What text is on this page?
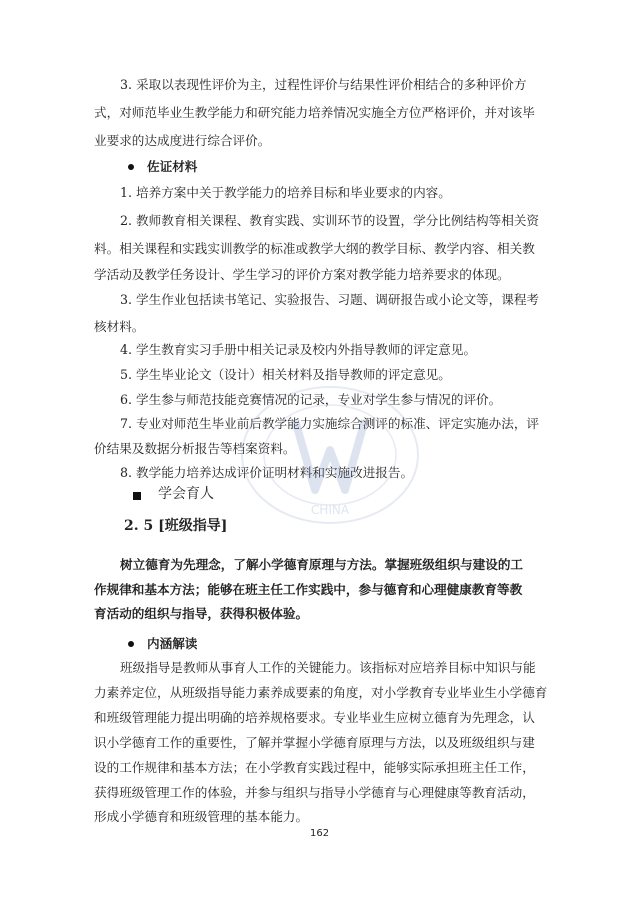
3. 采取以表现性评价为主，过程性评价与结果性评价相结合的多种评价方
式，对师范毕业生教学能力和研究能力培养情况实施全方位严格评价，并对该毕
业要求的达成度进行综合评价。
佐证材料
1. 培养方案中关于教学能力的培养目标和毕业要求的内容。
2. 教师教育相关课程、教育实践、实训环节的设置，学分比例结构等相关资
料。相关课程和实践实训教学的标准或教学大纲的教学目标、教学内容、相关教
学活动及教学任务设计、学生学习的评价方案对教学能力培养要求的体现。
3. 学生作业包括读书笔记、实验报告、习题、调研报告或小论文等，课程考
核材料。
4. 学生教育实习手册中相关记录及校内外指导教师的评定意见。
5. 学生毕业论文（设计）相关材料及指导教师的评定意见。
6. 学生参与师范技能竞赛情况的记录，专业对学生参与情况的评价。
7. 专业对师范生毕业前后教学能力实施综合测评的标准、评定实施办法，评
价结果及数据分析报告等档案资料。
8. 教学能力培养达成评价证明材料和实施改进报告。
CHINA
学会育人
2. 5 [班级指导]
树立德育为先理念，了解小学德育原理与方法。掌握班级组织与建设的工
作规律和基本方法；能够在班主任工作实践中，参与德育和心理健康教育等教
育活动的组织与指导，获得积极体验。
内涵解读
班级指导是教师从事育人工作的关键能力。该指标对应培养目标中知识与能
力素养定位，从班级指导能力素养成要素的角度，对小学教育专业毕业生小学德育
和班级管理能力提出明确的培养规格要求。专业毕业生应树立德育为先理念，认
识小学德育工作的重要性，了解并掌握小学德育原理与方法，以及班级组织与建
设的工作规律和基本方法；在小学教育实践过程中，能够实际承担班主任工作，
获得班级管理工作的体验，并参与组织与指导小学德育与心理健康等教育活动，
形成小学德育和班级管理的基本能力。
162
